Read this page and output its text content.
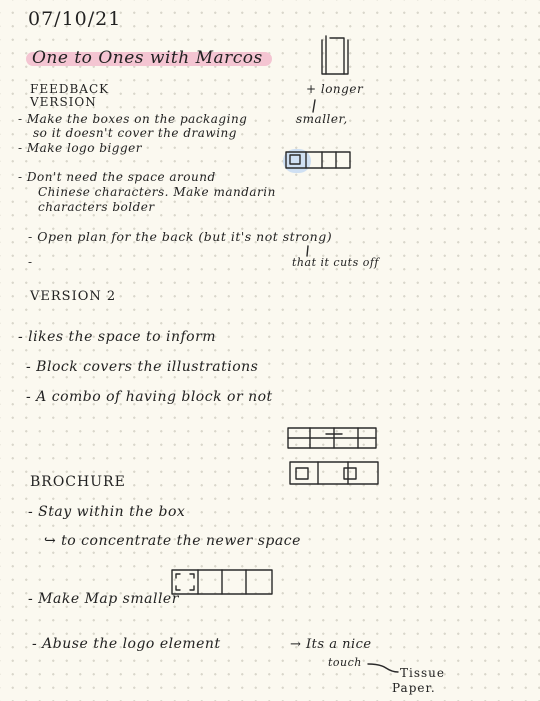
07/10/21
One to Ones with Marcos
FEEDBACK
VERSION
- Make the boxes on the packaging
so it doesn't cover the drawing
- Make logo bigger
- Don't need the space around
Chinese characters. Make mandarin
characters bolder
- Open plan for the back (but it's not strong)
-
+ longer
smaller,
that it cuts off
VERSION 2
- likes the space to inform
- Block covers the illustrations
- A combo of having block or not
BROCHURE
- Stay within the box
↪ to concentrate the newer space
- Make Map smaller
- Abuse the logo element	→ Its a nice
touch
Tissue
Paper.
